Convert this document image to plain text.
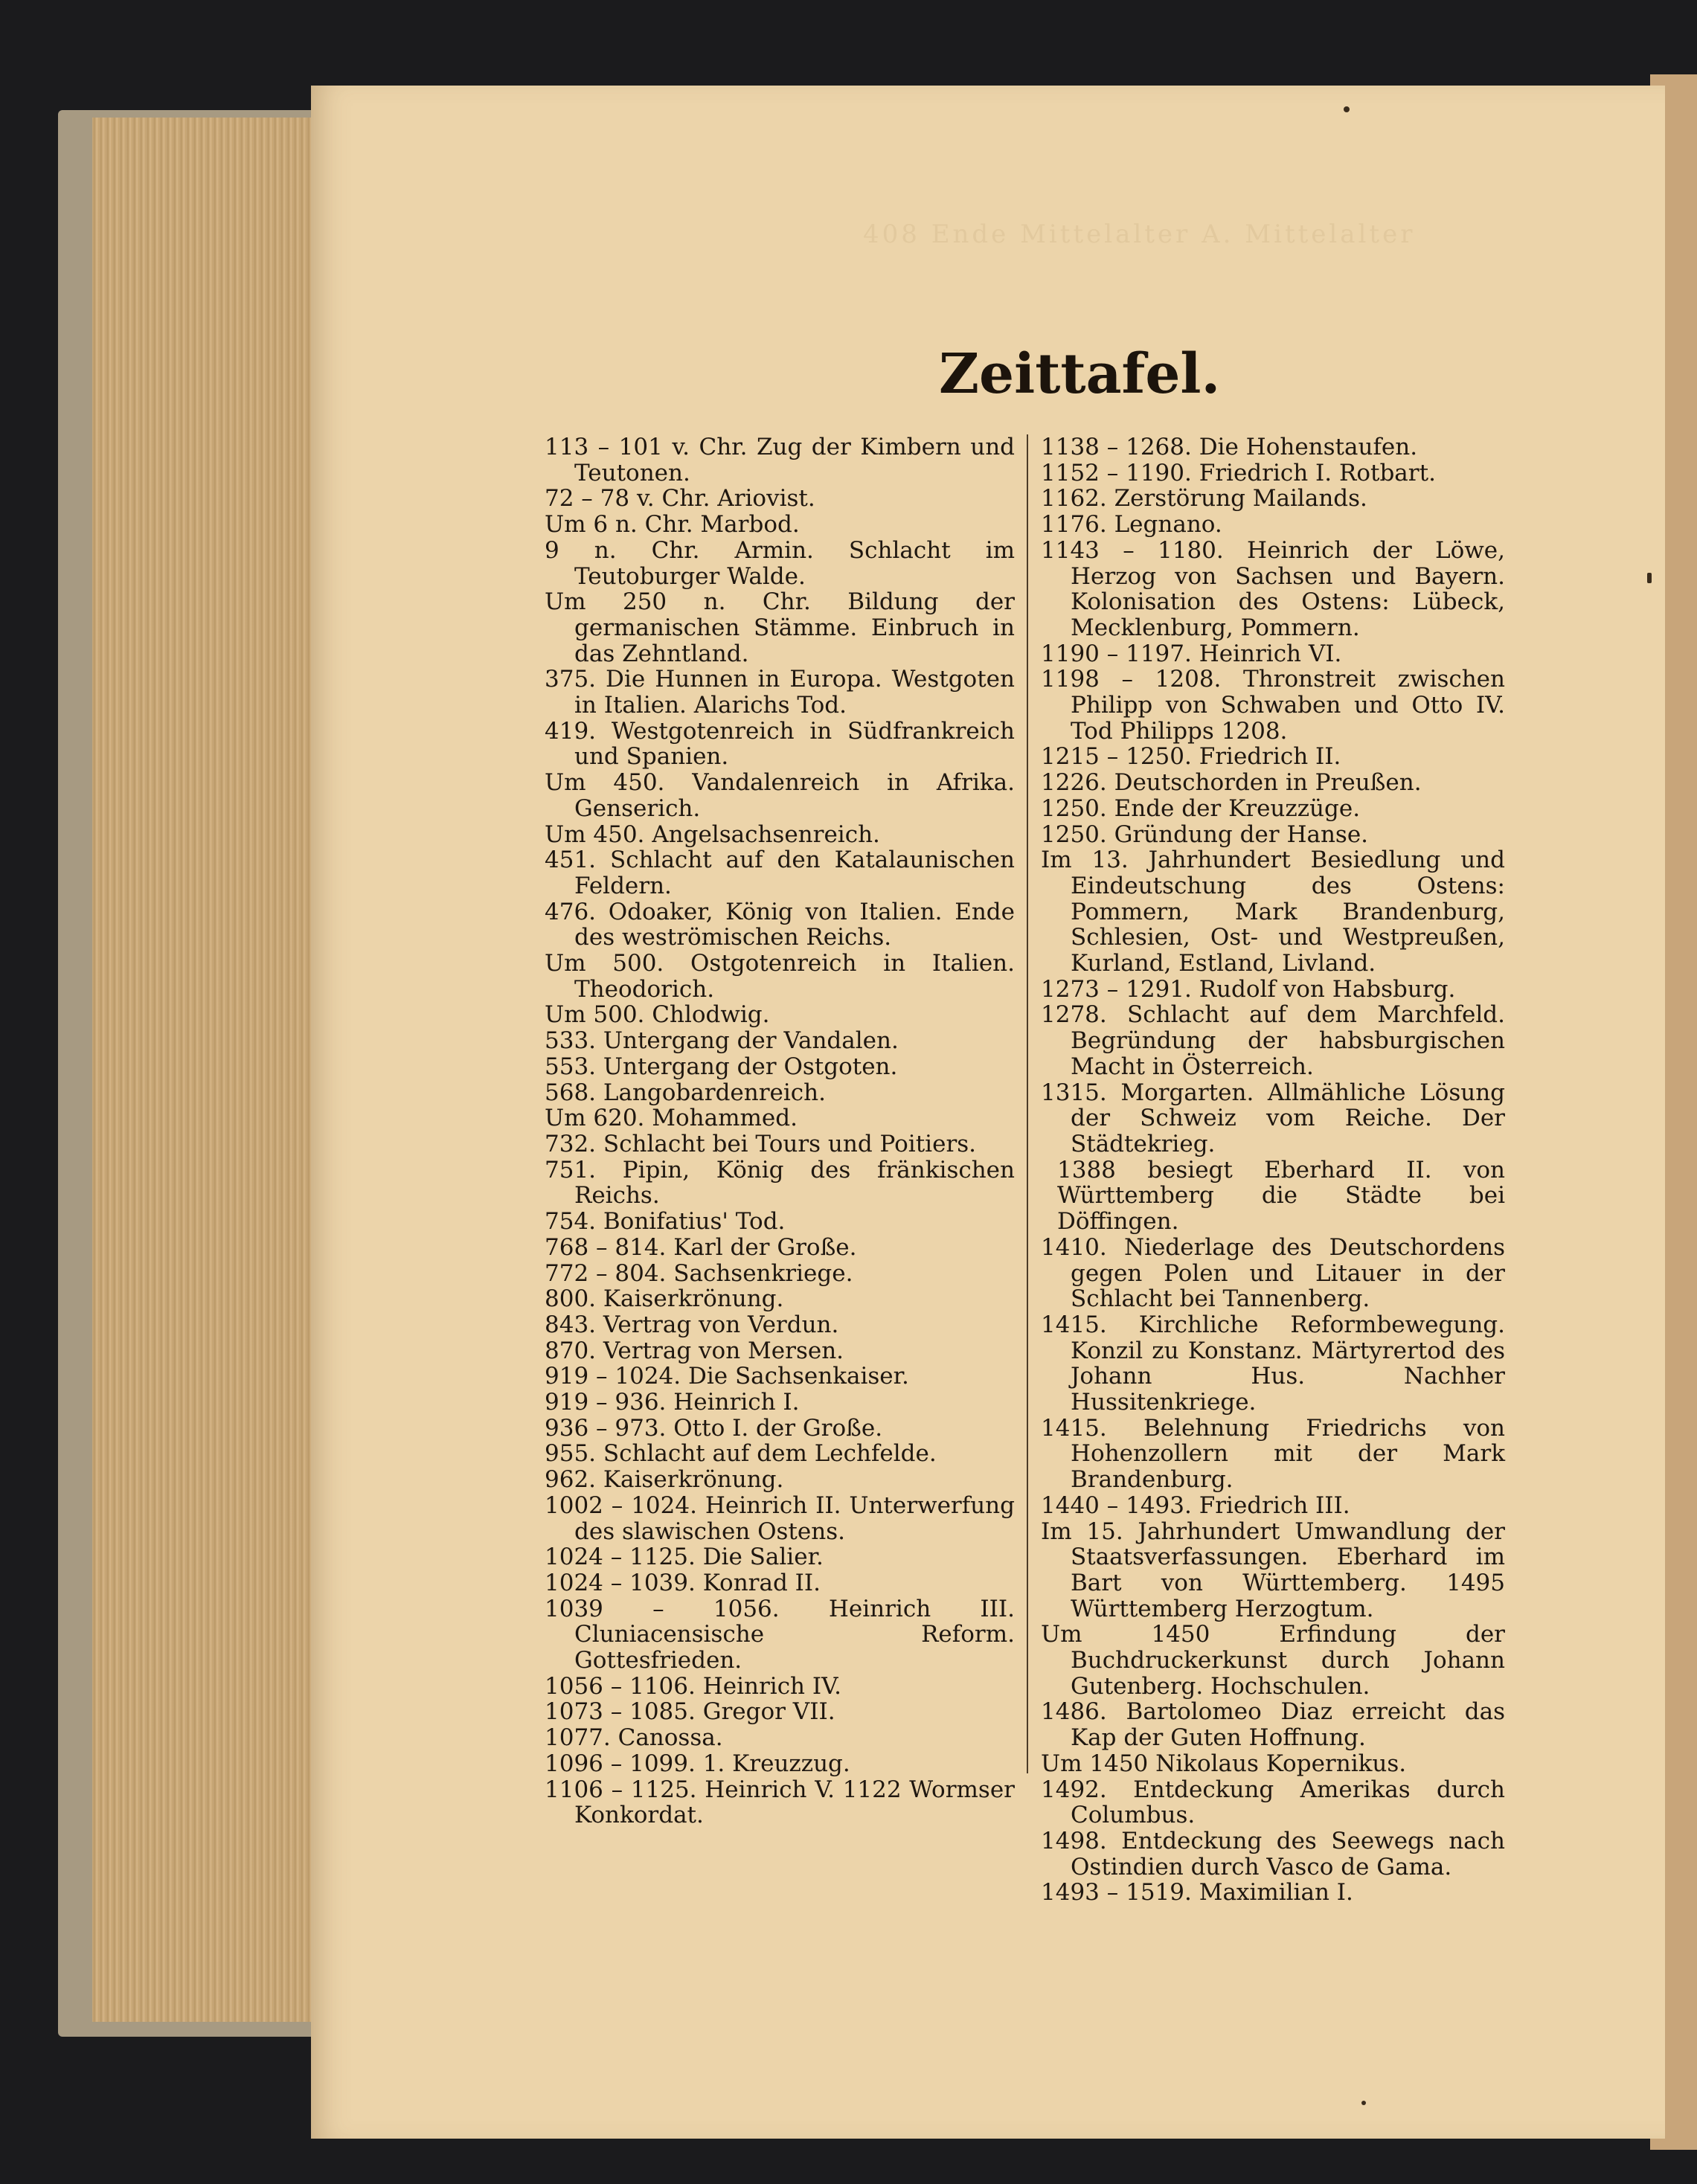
408 Ende Mittelalter A. Mittelalter
Zeittafel.

113 – 101 v. Chr. Zug der Kimbern und Teutonen.

72 – 78 v. Chr. Ariovist.

Um 6 n. Chr. Marbod.

9 n. Chr. Armin. Schlacht im Teutoburger Walde.

Um 250 n. Chr. Bildung der germanischen Stämme. Einbruch in das Zehntland.

375. Die Hunnen in Europa. Westgoten in Italien. Alarichs Tod.

419. Westgotenreich in Südfrankreich und Spanien.

Um 450. Vandalenreich in Afrika. Genserich.

Um 450. Angelsachsenreich.

451. Schlacht auf den Katalaunischen Feldern.

476. Odoaker, König von Italien. Ende des weströmischen Reichs.

Um 500. Ostgotenreich in Italien. Theodorich.

Um 500. Chlodwig.

533. Untergang der Vandalen.

553. Untergang der Ostgoten.

568. Langobardenreich.

Um 620. Mohammed.

732. Schlacht bei Tours und Poitiers.

751. Pipin, König des fränkischen Reichs.

754. Bonifatius' Tod.

768 – 814. Karl der Große.

772 – 804. Sachsenkriege.

800. Kaiserkrönung.

843. Vertrag von Verdun.

870. Vertrag von Mersen.

919 – 1024. Die Sachsenkaiser.

919 – 936. Heinrich I.

936 – 973. Otto I. der Große.

955. Schlacht auf dem Lechfelde.

962. Kaiserkrönung.

1002 – 1024. Heinrich II. Unterwerfung des slawischen Ostens.

1024 – 1125. Die Salier.

1024 – 1039. Konrad II.

1039 – 1056. Heinrich III. Cluniacensische Reform. Gottesfrieden.

1056 – 1106. Heinrich IV.

1073 – 1085. Gregor VII.

1077. Canossa.

1096 – 1099. 1. Kreuzzug.

1106 – 1125. Heinrich V. 1122 Wormser Konkordat.

1138 – 1268. Die Hohenstaufen.

1152 – 1190. Friedrich I. Rotbart.

1162. Zerstörung Mailands.

1176. Legnano.

1143 – 1180. Heinrich der Löwe, Herzog von Sachsen und Bayern. Kolonisation des Ostens: Lübeck, Mecklenburg, Pommern.

1190 – 1197. Heinrich VI.

1198 – 1208. Thronstreit zwischen Philipp von Schwaben und Otto IV. Tod Philipps 1208.

1215 – 1250. Friedrich II.

1226. Deutschorden in Preußen.

1250. Ende der Kreuzzüge.

1250. Gründung der Hanse.

Im 13. Jahrhundert Besiedlung und Eindeutschung des Ostens: Pommern, Mark Brandenburg, Schlesien, Ost- und Westpreußen, Kurland, Estland, Livland.

1273 – 1291. Rudolf von Habsburg.

1278. Schlacht auf dem Marchfeld. Begründung der habsburgischen Macht in Österreich.

1315. Morgarten. Allmähliche Lösung der Schweiz vom Reiche. Der Städtekrieg.

1388 besiegt Eberhard II. von Württemberg die Städte bei Döffingen.

1410. Niederlage des Deutschordens gegen Polen und Litauer in der Schlacht bei Tannenberg.

1415. Kirchliche Reformbewegung. Konzil zu Konstanz. Märtyrertod des Johann Hus. Nachher Hussitenkriege.

1415. Belehnung Friedrichs von Hohenzollern mit der Mark Brandenburg.

1440 – 1493. Friedrich III.

Im 15. Jahrhundert Umwandlung der Staatsverfassungen. Eberhard im Bart von Württemberg. 1495 Württemberg Herzogtum.

Um 1450 Erfindung der Buchdruckerkunst durch Johann Gutenberg. Hochschulen.

1486. Bartolomeo Diaz erreicht das Kap der Guten Hoffnung.

Um 1450 Nikolaus Kopernikus.

1492. Entdeckung Amerikas durch Columbus.

1498. Entdeckung des Seewegs nach Ostindien durch Vasco de Gama.

1493 – 1519. Maximilian I.
